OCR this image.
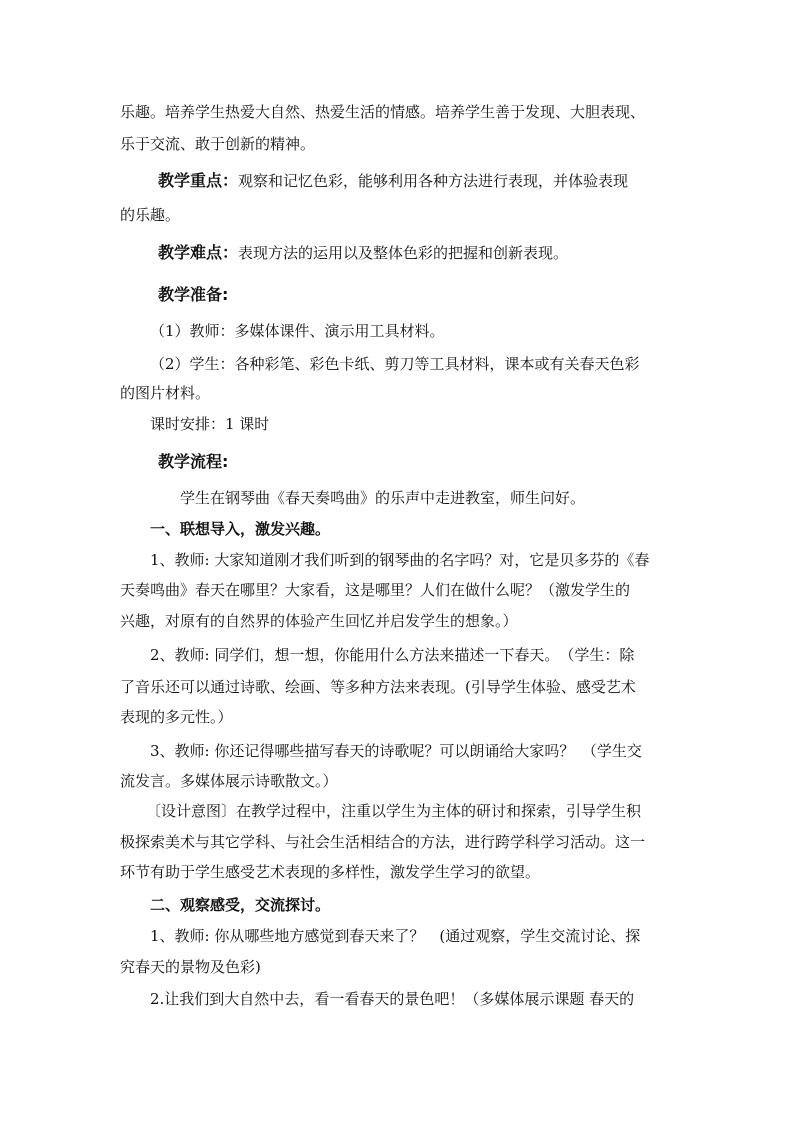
乐趣。培养学生热爱大自然、热爱生活的情感。培养学生善于发现、大胆表现、
乐于交流、敢于创新的精神。
教学重点：观察和记忆色彩，能够利用各种方法进行表现，并体验表现
的乐趣。
教学难点：表现方法的运用以及整体色彩的把握和创新表现。
教学准备:
（1）教师：多媒体课件、演示用工具材料。
（2）学生：各种彩笔、彩色卡纸、剪刀等工具材料，课本或有关春天色彩
的图片材料。
课时安排：1 课时
教学流程:
学生在钢琴曲《春天奏鸣曲》的乐声中走进教室，师生问好。
一、联想导入，激发兴趣。
1、教师: 大家知道刚才我们听到的钢琴曲的名字吗？对，它是贝多芬的《春
天奏鸣曲》春天在哪里？大家看，这是哪里？人们在做什么呢？（激发学生的
兴趣，对原有的自然界的体验产生回忆并启发学生的想象。）
2、教师: 同学们，想一想，你能用什么方法来描述一下春天。　（学生：除
了音乐还可以通过诗歌、绘画、等多种方法来表现。(引导学生体验、感受艺术
表现的多元性。）
3、教师: 你还记得哪些描写春天的诗歌呢？可以朗诵给大家吗？　（学生交
流发言。多媒体展示诗歌散文。）
〔设计意图〕在教学过程中，注重以学生为主体的研讨和探索，引导学生积
极探索美术与其它学科、与社会生活相结合的方法，进行跨学科学习活动。这一
环节有助于学生感受艺术表现的多样性，激发学生学习的欲望。
二、观察感受，交流探讨。
1、教师: 你从哪些地方感觉到春天来了？　(通过观察，学生交流讨论、探
究春天的景物及色彩)
2.让我们到大自然中去，看一看春天的景色吧！（多媒体展示课题 春天的
